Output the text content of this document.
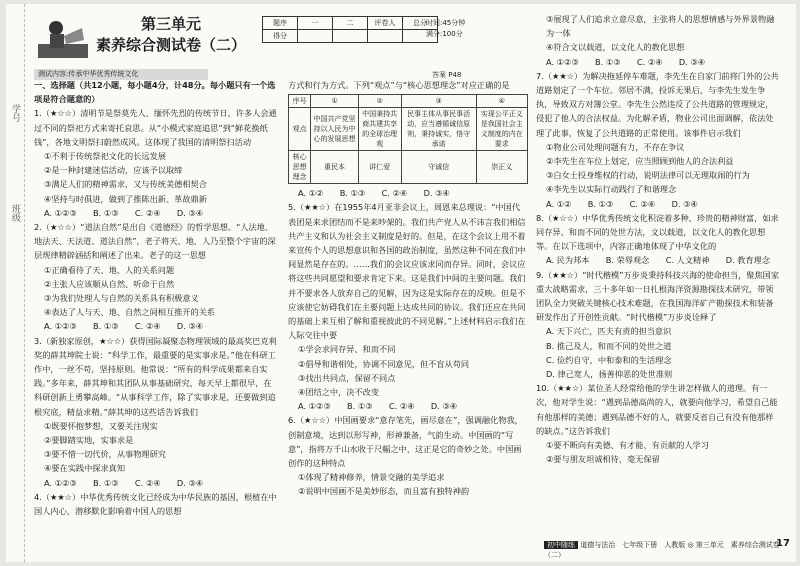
学号
班级
第三单元
素养综合测试卷（二）
题序	一	二	评卷人	总分
得分				
时间:45分钟
满分:100分
测试内容:传承中华优秀传统文化	答案 P48

一、选择题（共12小题，每小题4分，计48分。每小题只有一个选项是符合题意的）

1.（★☆☆）清明节是祭莫先人、缅怀先烈的传统节日，许多人会通过不同的祭祀方式来寄托哀思。从“小模式家庭追思”到“鲜花换纸钱”，各地文明祭扫蔚然成风。这体现了我国的清明祭扫活动

①不利于传统祭祀文化的长远发展

②是一种封建迷信活动，应该予以取缔

③满足人们的精神需求，又与传统美德相契合

④坚持与时俱进，做到了推陈出新、革故鼎新

A. ①②③　　B. ①③　　C. ②④　　D. ③④

2.（★☆☆）“道法自然”是出自《道德经》的哲学思想。“人法地、地法天、天法道、道法自然”，老子将天、地、人乃至整个宇宙的深层规律精辟涵括和阐述了出来。老子的这一思想

①正确看待了天、地、人的关系问题

②主张人应该顺从自然、听命于自然

③为我们处理人与自然的关系具有积极意义

④表达了人与天、地、自然之间相互推开的关系

A. ①②③　　B. ①③　　C. ②④　　D. ③④

3.（新独家原创，★☆☆）获得国际凝聚态物理领域的最高奖巴克利奖的薛其坤院士说：“科学工作，最重要的是实事求是。”他在科研工作中，一丝不苟，坚持原则。他常说：“所有的科学成果都来自实践。”多年来，薛其坤和其团队从事基础研究，每天早上都很早，在科研创新上勇攀高峰。“从事科学工作，除了实事求是，还要做到追根究底，精益求精。”薛其坤的这些话告诉我们

①既要怀抱梦想，又要关注现实

②要脚踏实地，实事求是

③要不惜一切代价，从事物理研究

④要在实践中探求真知

A. ①②③　　B. ①③　　C. ②④　　D. ③④

4.（★★☆）中华优秀传统文化已经成为中华民族的基因，根植在中国人内心，潜移默化影响着中国人的思想

方式和行为方式。下列“观点”与“核心思想理念”对应正确的是

序号	①	②	③	④
观点	中国共产党坚持以人民为中心的发展思想	中国秉持共商共建共享的全球治理观	民事主体从事民事活动，应当遵循诚信原则，秉持诚实，恪守承诺	实现公平正义是我国社会主义制度的内在要求
核心思想理念	重民本	讲仁爱	守诚信	崇正义

A. ①②　　B. ①③　　C. ②④　　D. ③④

5.（★★☆）在1955年4月亚非会议上，周恩来总理说：“中国代表团是来求团结而不是来吵架的。我们共产党人从不讳言我们相信共产主义和认为社会主义制度是好的。但是，在这个会议上用不着来宣传个人的思想意识和各国的政治制度，虽然这种不同在我们中间显然是存在的。……我们的会议应该求同而存异。同时，会议应将这些共同愿望和要求肯定下来。这是我们中间的主要问题。我们并不要求各人放弃自己的见解，因为这是实际存在的反映。但是不应该使它妨碍我们在主要问题上达成共同的协议。我们还应在共同的基础上来互相了解和重视彼此的不同见解。”上述材料启示我们在人际交往中要

①学会求同存异、和而不同

②倡导和谐相处，协调不同意见，但不盲从苟同

③找出共同点，保留不同点

④团结之中，决不改变

A. ①②③　　B. ①③　　C. ②④　　D. ③④

6.（★☆☆）中国画要求“意存笔先，画尽意在”，强调融化物我，创制意境，达到以形写神，形神兼备，气韵生动。中国画的“写意”，指将万千山水收于尺幅之中，这正是它的奇妙之处。中国画创作的这种特点

①体现了精神修养，情景交融的美学追求

②说明中国画不是美妙形态，而且富有独特神韵

③展现了人们追求立意尽意，主张将人的思想情感与外界景物融为一体

④符合文以载道，以文化人的教化思想

A. ①②③　　B. ①③　　C. ②④　　D. ③④

7.（★★☆）为解决拖延停车难题，李先生在自家门前将门外的公共道路划定了一个车位。邻居不满，投诉无果后，与李先生发生争执，导致双方对簿公堂。李先生公然违反了公共道路的管理规定，侵犯了他人的合法权益。为化解矛盾，物业公司出面调解，依法处理了此事，恢复了公共道路的正常使用。该事件启示我们

①物业公司处理问题有力，不存在争议

②李先生在车位上划定，应当照顾到他人的合法利益

③白女士投身维权的行动，说明法律可以无理取闹的行为

④李先生以实际行动践行了和谐理念

A. ①②　　B. ①③　　C. ②④　　D. ③④

8.（★☆☆）中华优秀传统文化积淀着多种、珍贵的精神财富，如求同存异、和而不同的处世方法，文以载道，以文化人的教化思想等。在以下选项中，内容正确地体现了中华文化的

A. 民为邦本　　B. 荣辱观念　　C. 人文精神　　D. 教育理念

9.（★★☆）“时代楷模”万步炎秉持科技兴海的使命担当，聚焦国家重大战略需求，三十多年如一日扎根海洋资源勘探技术研究，带领团队全力突破关键核心技术难题，在我国海洋矿产勘探技术和装备研发作出了开创性贡献。“时代楷模”万步炎诠释了

A. 天下兴亡，匹夫有责的担当意识

B. 推己及人，和而不同的处世之道

C. 俭约自守，中和泰和的生活理念

D. 律己宽人，扬善抑恶的处世准则

10.（★★☆）某位圣人经常给他的学生讲怎样做人的道理。有一次，他对学生说：“遇到品德高尚的人，就要向他学习，希望自己能有他那样的美德；遇到品德不好的人，就要反省自己有没有他那样的缺点。”这告诉我们

①要不断向有美德、有才能、有贡献的人学习

②要与朋友坦诚相待，毫无保留

初中随练 道德与法治　七年级下册　人教版 ◎ 第三单元　素养综合测试卷（二）
17
